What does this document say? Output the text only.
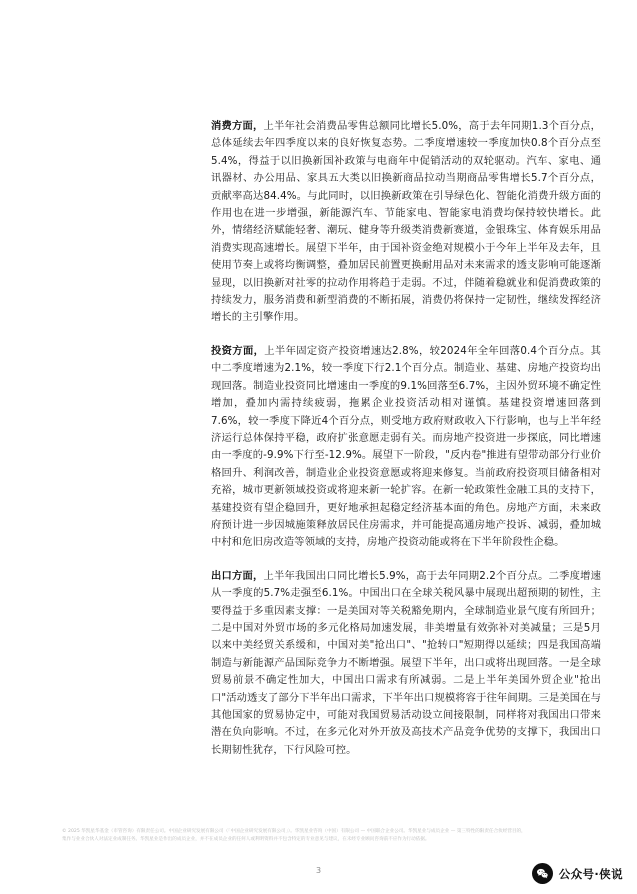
消费方面，上半年社会消费品零售总额同比增长5.0%，高于去年同期1.3个百分点，总体延续去年四季度以来的良好恢复态势。二季度增速较一季度加快0.8个百分点至5.4%，得益于以旧换新国补政策与电商年中促销活动的双轮驱动。汽车、家电、通讯器材、办公用品、家具五大类以旧换新商品拉动当期商品零售增长5.7个百分点，贡献率高达84.4%。与此同时，以旧换新政策在引导绿色化、智能化消费升级方面的作用也在进一步增强，新能源汽车、节能家电、智能家电消费均保持较快增长。此外，情绪经济赋能轻奢、潮玩、健身等升级类消费新赛道，金银珠宝、体育娱乐用品消费实现高速增长。展望下半年，由于国补资金绝对规模小于今年上半年及去年，且使用节奏上或将均衡调整，叠加居民前置更换耐用品对未来需求的透支影响可能逐渐显现，以旧换新对社零的拉动作用将趋于走弱。不过，伴随着稳就业和促消费政策的持续发力，服务消费和新型消费的不断拓展，消费仍将保持一定韧性，继续发挥经济增长的主引擎作用。

投资方面，上半年固定资产投资增速达2.8%，较2024年全年回落0.4个百分点。其中二季度增速为2.1%，较一季度下行2.1个百分点。制造业、基建、房地产投资均出现回落。制造业投资同比增速由一季度的9.1%回落至6.7%，主因外贸环境不确定性增加，叠加内需持续疲弱，拖累企业投资活动相对谨慎。基建投资增速回落到7.6%，较一季度下降近4个百分点，则受地方政府财政收入下行影响，也与上半年经济运行总体保持平稳，政府扩张意愿走弱有关。而房地产投资进一步探底，同比增速由一季度的-9.9%下行至-12.9%。展望下一阶段，"反内卷"推进有望带动部分行业价格回升、利润改善，制造业企业投资意愿或将迎来修复。当前政府投资项目储备相对充裕，城市更新领域投资或将迎来新一轮扩容。在新一轮政策性金融工具的支持下，基建投资有望企稳回升，更好地承担起稳定经济基本面的角色。房地产方面，未来政府预计进一步因城施策释放居民住房需求，并可能提高通房地产投诉、减弱，叠加城中村和危旧房改造等领域的支持，房地产投资动能或将在下半年阶段性企稳。

出口方面，上半年我国出口同比增长5.9%，高于去年同期2.2个百分点。二季度增速从一季度的5.7%走强至6.1%。中国出口在全球关税风暴中展现出超预期的韧性，主要得益于多重因素支撑：一是美国对等关税豁免期内，全球制造业景气度有所回升；二是中国对外贸市场的多元化格局加速发展，非美增量有效弥补对美减量；三是5月以来中美经贸关系缓和，中国对美"抢出口"、"抢转口"短期得以延续；四是我国高端制造与新能源产品国际竞争力不断增强。展望下半年，出口或将出现回落。一是全球贸易前景不确定性加大，中国出口需求有所减弱。二是上半年美国外贸企业"抢出口"活动透支了部分下半年出口需求，下半年出口规模将容于往年间期。三是美国在与其他国家的贸易协定中，可能对我国贸易活动设立间接限制，同样将对我国出口带来潜在负向影响。不过，在多元化对外开放及高技术产品竞争优势的支撑下，我国出口长期韧性犹存，下行风险可控。

© 2025 华凯星华基金（市管咨询）有限责任公司。中国企业研究发展有限公司（「中国企业研究发展有限公司」）。华凯星业咨询（中国）有限公司 — 中国联合企业公司。华凯星业与成员企业 — 第三特性的限责任合伙经营目的，
集作与业业合伙人对法定业成制任务。华凯星业是作出的成员企业，并不在成员企业的任何人或利明资料并不包含特定的专业意见与建议，在未经专业顾问咨询前不应作为行动依据。
3	公众号·侠说
